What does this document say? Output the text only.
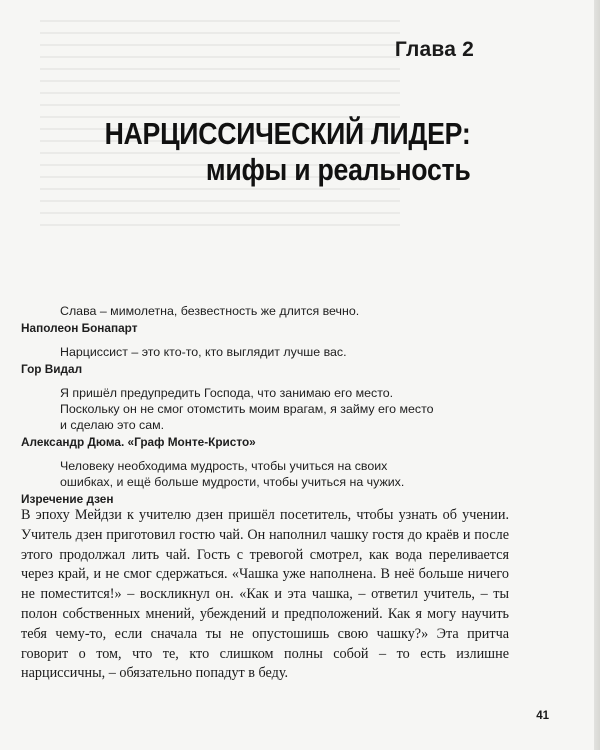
Глава 2
НАРЦИССИЧЕСКИЙ ЛИДЕР:
мифы и реальность

Слава – мимолетна, безвестность же длится вечно.

Наполеон Бонапарт

Нарциссист – это кто-то, кто выглядит лучше вас.

Гор Видал

Я пришёл предупредить Господа, что занимаю его место. Поскольку он не смог отомстить моим врагам, я займу его место и сделаю это сам.

Александр Дюма. «Граф Монте-Кристо»

Человеку необходима мудрость, чтобы учиться на своих ошибках, и ещё больше мудрости, чтобы учиться на чужих.

Изречение дзен

В эпоху Мейдзи к учителю дзен пришёл посетитель, чтобы узнать об учении. Учитель дзен приготовил гостю чай. Он наполнил чашку гостя до краёв и после этого продолжал лить чай. Гость с тревогой смотрел, как вода переливается через край, и не смог сдержаться. «Чашка уже наполнена. В неё больше ничего не поместится!» – воскликнул он. «Как и эта чашка, – ответил учитель, – ты полон собственных мнений, убеждений и предположений. Как я могу научить тебя чему-то, если сначала ты не опустошишь свою чашку?» Эта притча говорит о том, что те, кто слишком полны собой – то есть излишне нарциссичны, – обязательно попадут в беду.

41
